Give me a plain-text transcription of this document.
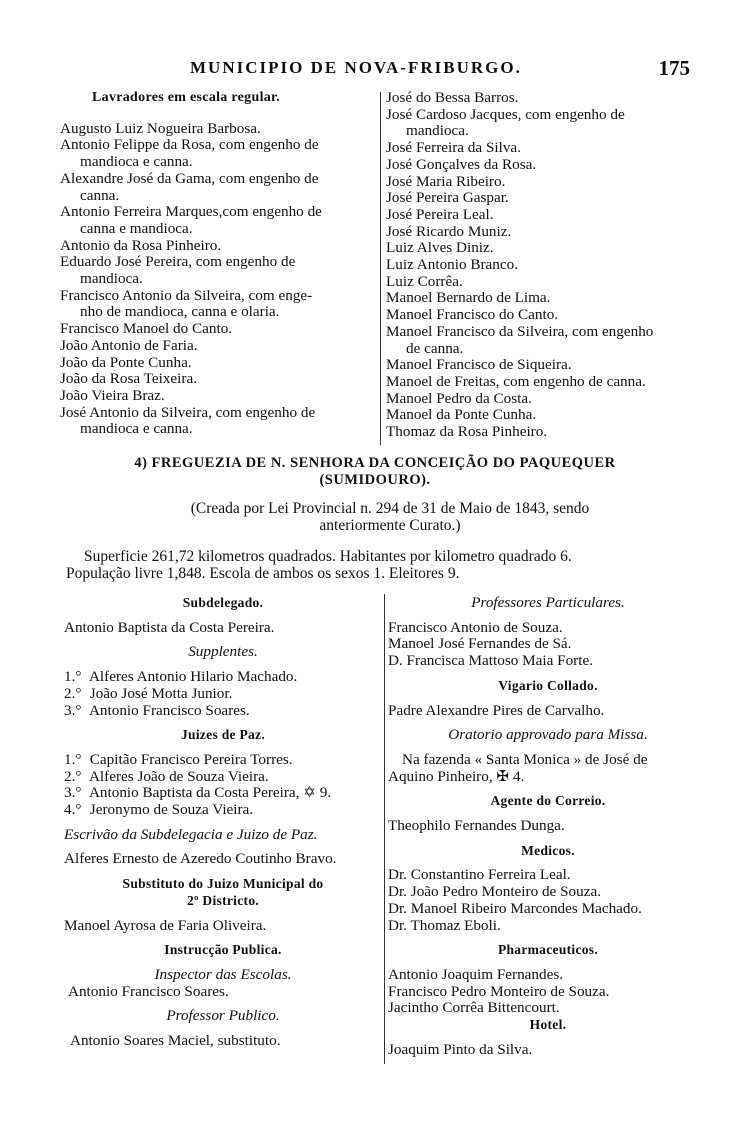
MUNICIPIO DE NOVA-FRIBURGO.	175
Lavradores em escala regular.
Augusto Luiz Nogueira Barbosa.
Antonio Felippe da Rosa, com engenho de
mandioca e canna.
Alexandre José da Gama, com engenho de
canna.
Antonio Ferreira Marques,com engenho de
canna e mandioca.
Antonio da Rosa Pinheiro.
Eduardo José Pereira, com engenho de
mandioca.
Francisco Antonio da Silveira, com enge-
nho de mandioca, canna e olaria.
Francisco Manoel do Canto.
João Antonio de Faria.
João da Ponte Cunha.
João da Rosa Teixeira.
João Vieira Braz.
José Antonio da Silveira, com engenho de
mandioca e canna.
José do Bessa Barros.
José Cardoso Jacques, com engenho de
mandioca.
José Ferreira da Silva.
José Gonçalves da Rosa.
José Maria Ribeiro.
José Pereira Gaspar.
José Pereira Leal.
José Ricardo Muniz.
Luiz Alves Diniz.
Luiz Antonio Branco.
Luiz Corrêa.
Manoel Bernardo de Lima.
Manoel Francisco do Canto.
Manoel Francisco da Silveira, com engenho
de canna.
Manoel Francisco de Siqueira.
Manoel de Freitas, com engenho de canna.
Manoel Pedro da Costa.
Manoel da Ponte Cunha.
Thomaz da Rosa Pinheiro.
4) FREGUEZIA DE N. SENHORA DA CONCEIÇÃO DO PAQUEQUER
(SUMIDOURO).
(Creada por Lei Provincial n. 294 de 31 de Maio de 1843, sendo
anteriormente Curato.)
Superficie 261,72 kilometros quadrados. Habitantes por kilometro quadrado 6.
População livre 1,848. Escola de ambos os sexos 1. Eleitores 9.
Subdelegado.
Antonio Baptista da Costa Pereira.
Supplentes.
1.° Alferes Antonio Hilario Machado.
2.° João José Motta Junior.
3.° Antonio Francisco Soares.
Juizes de Paz.
1.° Capitão Francisco Pereira Torres.
2.° Alferes João de Souza Vieira.
3.° Antonio Baptista da Costa Pereira, ✡ 9.
4.° Jeronymo de Souza Vieira.
Escrivão da Subdelegacia e Juizo de Paz.
Alferes Ernesto de Azeredo Coutinho Bravo.
Substituto do Juizo Municipal do
2º Districto.
Manoel Ayrosa de Faria Oliveira.
Instrucção Publica.
Inspector das Escolas.
Antonio Francisco Soares.
Professor Publico.
Antonio Soares Maciel, substituto.
Professores Particulares.
Francisco Antonio de Souza.
Manoel José Fernandes de Sá.
D. Francisca Mattoso Maia Forte.
Vigario Collado.
Padre Alexandre Pires de Carvalho.
Oratorio approvado para Missa.
Na fazenda « Santa Monica » de José de
Aquino Pinheiro, ✠ 4.
Agente do Correio.
Theophilo Fernandes Dunga.
Medicos.
Dr. Constantino Ferreira Leal.
Dr. João Pedro Monteiro de Souza.
Dr. Manoel Ribeiro Marcondes Machado.
Dr. Thomaz Eboli.
Pharmaceuticos.
Antonio Joaquim Fernandes.
Francisco Pedro Monteiro de Souza.
Jacintho Corrêa Bittencourt.
Hotel.
Joaquim Pinto da Silva.
